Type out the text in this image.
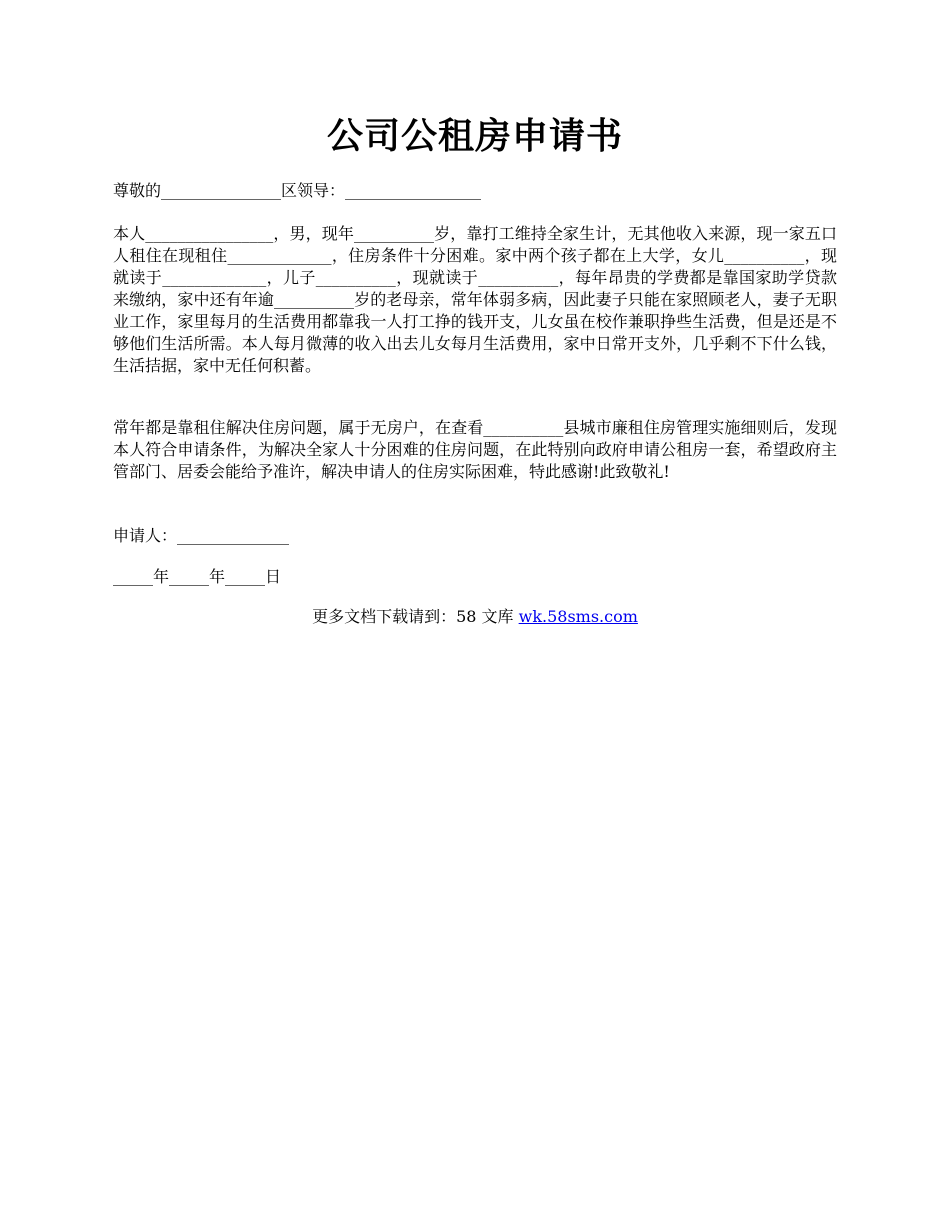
公司公租房申请书

尊敬的_______________区领导：_________________

本人________________，男，现年__________岁，靠打工维持全家生计，无其他收入来源，现一家五口人租住在现租住_____________，住房条件十分困难。家中两个孩子都在上大学，女儿__________，现就读于_____________，儿子__________，现就读于__________，每年昂贵的学费都是靠国家助学贷款来缴纳，家中还有年逾__________岁的老母亲，常年体弱多病，因此妻子只能在家照顾老人，妻子无职业工作，家里每月的生活费用都靠我一人打工挣的钱开支，儿女虽在校作兼职挣些生活费，但是还是不够他们生活所需。本人每月微薄的收入出去儿女每月生活费用，家中日常开支外，几乎剩不下什么钱，生活拮据，家中无任何积蓄。

常年都是靠租住解决住房问题，属于无房户，在查看__________县城市廉租住房管理实施细则后，发现本人符合申请条件，为解决全家人十分困难的住房问题，在此特别向政府申请公租房一套，希望政府主管部门、居委会能给予准许，解决申请人的住房实际困难，特此感谢!此致敬礼!

申请人：______________

_____年_____年_____日

更多文档下载请到：58 文库 wk.58sms.com
